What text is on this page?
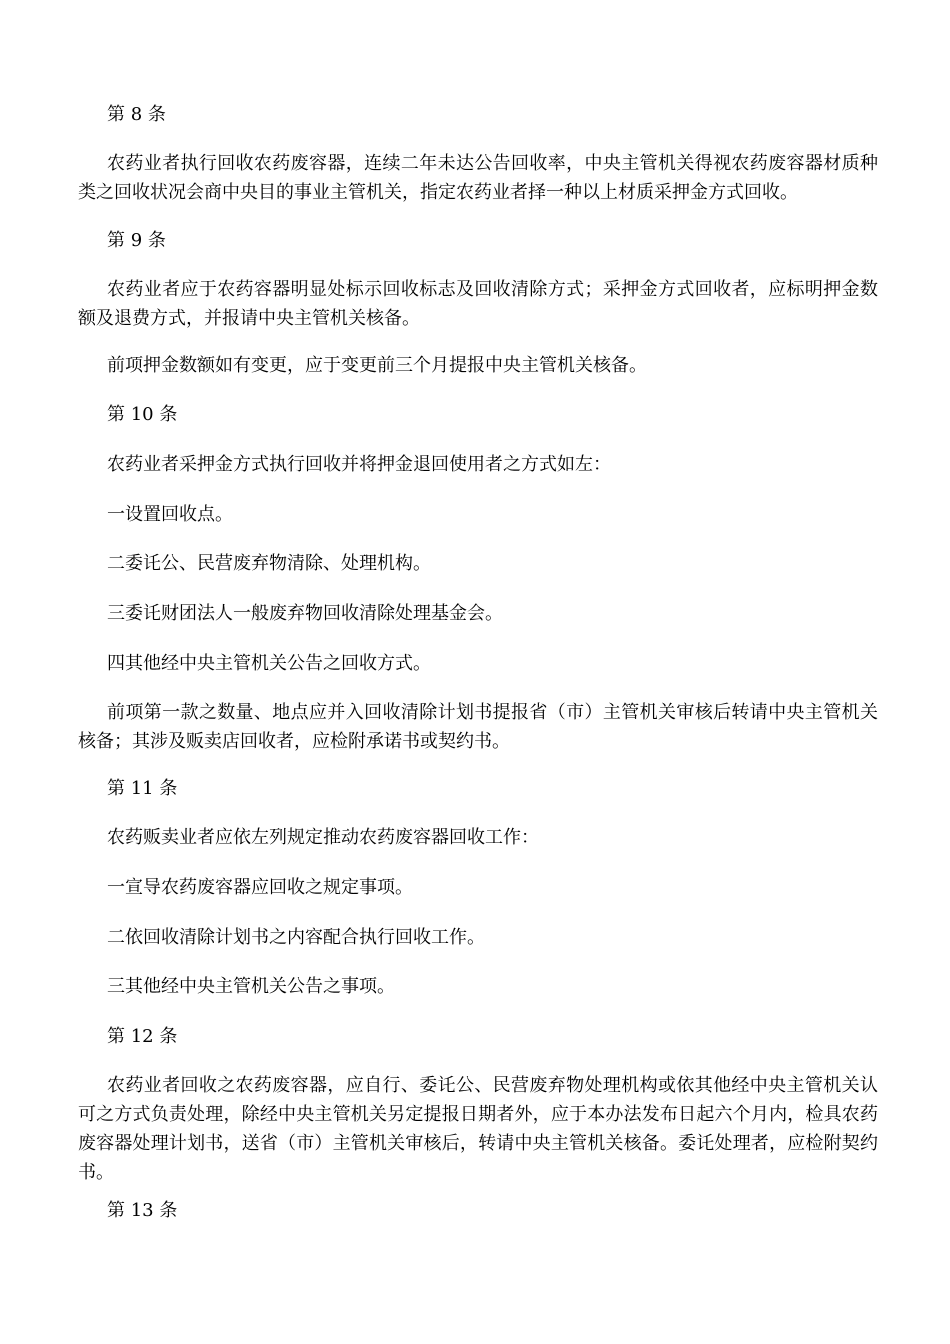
第 8 条

农药业者执行回收农药废容器，连续二年未达公告回收率，中央主管机关得视农药废容器材质种类之回收状况会商中央目的事业主管机关，指定农药业者择一种以上材质采押金方式回收。

第 9 条

农药业者应于农药容器明显处标示回收标志及回收清除方式；采押金方式回收者，应标明押金数额及退费方式，并报请中央主管机关核备。

前项押金数额如有变更，应于变更前三个月提报中央主管机关核备。

第 10 条

农药业者采押金方式执行回收并将押金退回使用者之方式如左：

一设置回收点。

二委讬公、民营废弃物清除、处理机构。

三委讬财团法人一般废弃物回收清除处理基金会。

四其他经中央主管机关公告之回收方式。

前项第一款之数量、地点应并入回收清除计划书提报省（市）主管机关审核后转请中央主管机关核备；其涉及贩卖店回收者，应检附承诺书或契约书。

第 11 条

农药贩卖业者应依左列规定推动农药废容器回收工作：

一宣导农药废容器应回收之规定事项。

二依回收清除计划书之内容配合执行回收工作。

三其他经中央主管机关公告之事项。

第 12 条

农药业者回收之农药废容器，应自行、委讬公、民营废弃物处理机构或依其他经中央主管机关认可之方式负责处理，除经中央主管机关另定提报日期者外，应于本办法发布日起六个月内，检具农药废容器处理计划书，送省（市）主管机关审核后，转请中央主管机关核备。委讬处理者，应检附契约书。

第 13 条
